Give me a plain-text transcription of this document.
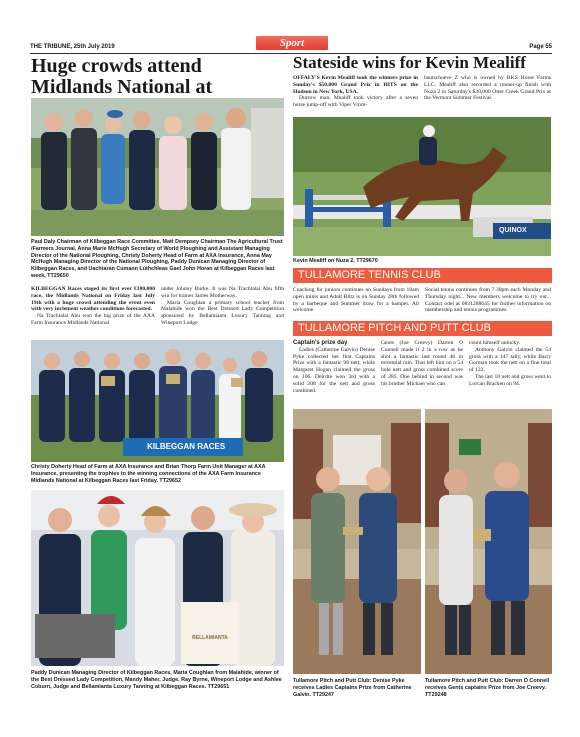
THE TRIBUNE, 25th July 2019	Page 55
Sport
Huge crowds attend Midlands National at
Paul Daly Chairman of Kilbeggan Race Committee, Matt Dempsey Chairman The Agricultural Trust /Farmers Journal, Anna Marie McHugh Secretary of World Ploughing and Assistant Managing Director of the National Ploughing, Christy Doherty Head of Farm at AXA Insurance, Anna May McHugh Managing Director of the National Ploughing, Paddy Dunican Managing Director of Kilbeggan Races, and Uachtarán Cumann Lúthchleas Gael John Horan at Kilbeggan Races last week, TT29650

KILBEGGAN Races staged its first ever €100,000 race, the Midlands National on Friday last July 19th with a huge crowd attending the event even with very inclement weather conditions forecasted.

Na Trachtalai Abu won the big prize of the AXA Farm Insurance Midlands National

under Johnny Burke. It was Na Trachtalai Abu fifth win for trainer James Motherway.

Maria Coughlan a primary school teacher from Malahide won the Best Dressed Lady Competition sponsored by Bellamianta Luxury Tanning and Wineport Lodge.

KILBEGGAN RACES
Christy Doherty Head of Farm at AXA Insurance and Brian Thorp Farm Unit Manager at AXA Insurance, presenting the trophies to the winning connections of the AXA Farm Insurance Midlands National at Kilbeggan Races last Friday. TT29652
BELLAMIANTA
Paddy Dunican Managing Director of Kilbeggan Races, Maria Coughlan from Malahide, winner of the Best Dressed Lady Competition, Mandy Maher, Judge, Ray Byrne, Wineport Lodge and Ashlee Coburn, Judge and Bellamianta Luxury Tanning at Kilbeggan Races. TT29651
Stateside wins for Kevin Mealiff

OFFALY'S Kevin Mealiff took the winners prize in Sunday's $50,000 Grand Prix in HITS on the Hudson in New York, USA.

Durrow man, Mealiff took victory after a seven horse jump-off with Viper Vrom-

bautschoeve Z who is owned by BKS Horse Farms LLC. Mealiff also recorded a runner-up finish with Nuza 2 in Saturday's $30,000 Otter Creek Grand Prix at the Vermont Summer Festival.

QUINOX
Kevin Mealiff on Nuza 2, TT29670
TULLAMORE TENNIS CLUB
Coaching for juniors continues on Sundays from 10am open minis and Adult Blitz is on Sunday 28th followed by a barbeque and Summer draw for a hamper. All welcome.
Social tennis continues from 7.30pm each Monday and Thursday night... New members welcome to try out... Contact odel at 0831288645 for further information on membership and tennis programmes.
TULLAMORE PITCH AND PUTT CLUB

Captain's prize day

Ladies (Catherine Galvin) Denise Pyke collected her first Captains Prize with a fantastic 98 nett, while Margaret Hogan claimed the gross on 106. Deirdre won 3rd with a solid 208 for the nett and gross combined.

Gents (Joe Creevy) Darren O Connell made it 2 in a row as he shot a fantastic last round 46 in torrential rain. That left him on a 54 hole nett and gross combined score of 285. One behind in second was his brother Michael who can

count himself unlucky.

Anthony Galvin claimed the 54 gross with a 147 tally, while Barry Gorman took the nett on a fine total of 122.

The last 18 nett and gross went to Lorcan Bracken on 94.

Tullamore Pitch and Putt Club: Denise Pyke receives Ladies Captains Prize from Catherine Galvin. TT29247
Tullamore Pitch and Putt Club: Darren O Connell receives Gents captains Prize from Joe Creevy. TT29248
